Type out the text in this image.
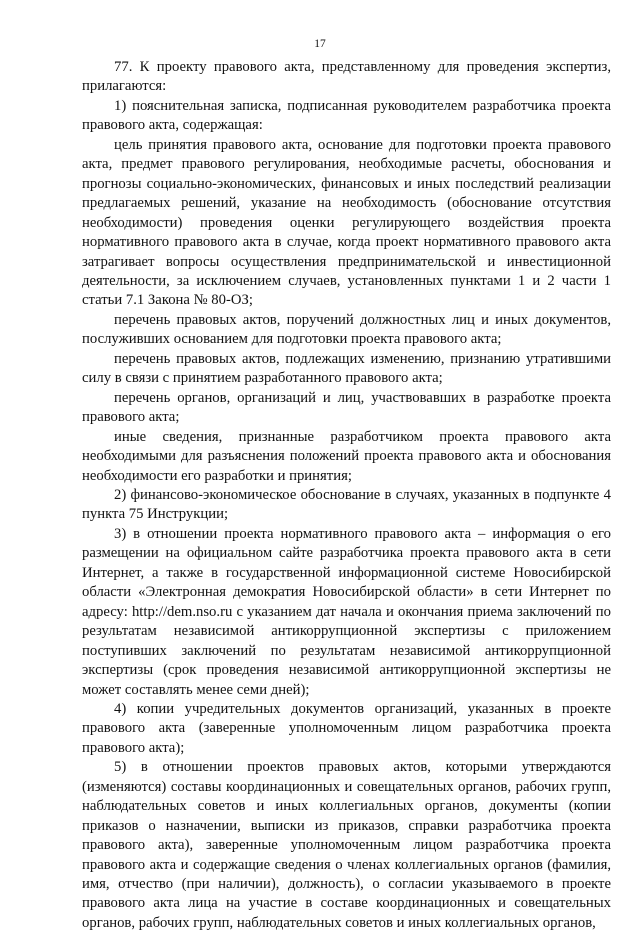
17

77. К проекту правового акта, представленному для проведения экспертиз, прилагаются:

1) пояснительная записка, подписанная руководителем разработчика проекта правового акта, содержащая:

цель принятия правового акта, основание для подготовки проекта правового акта, предмет правового регулирования, необходимые расчеты, обоснования и прогнозы социально-экономических, финансовых и иных последствий реализации предлагаемых решений, указание на необходимость (обоснование отсутствия необходимости) проведения оценки регулирующего воздействия проекта нормативного правового акта в случае, когда проект нормативного правового акта затрагивает вопросы осуществления предпринимательской и инвестиционной деятельности, за исключением случаев, установленных пунктами 1 и 2 части 1 статьи 7.1 Закона № 80-ОЗ;

перечень правовых актов, поручений должностных лиц и иных документов, послуживших основанием для подготовки проекта правового акта;

перечень правовых актов, подлежащих изменению, признанию утратившими силу в связи с принятием разработанного правового акта;

перечень органов, организаций и лиц, участвовавших в разработке проекта правового акта;

иные сведения, признанные разработчиком проекта правового акта необходимыми для разъяснения положений проекта правового акта и обоснования необходимости его разработки и принятия;

2) финансово-экономическое обоснование в случаях, указанных в подпункте 4 пункта 75 Инструкции;

3) в отношении проекта нормативного правового акта – информация о его размещении на официальном сайте разработчика проекта правового акта в сети Интернет, а также в государственной информационной системе Новосибирской области «Электронная демократия Новосибирской области» в сети Интернет по адресу: http://dem.nso.ru с указанием дат начала и окончания приема заключений по результатам независимой антикоррупционной экспертизы с приложением поступивших заключений по результатам независимой антикоррупционной экспертизы (срок проведения независимой антикоррупционной экспертизы не может составлять менее семи дней);

4) копии учредительных документов организаций, указанных в проекте правового акта (заверенные уполномоченным лицом разработчика проекта правового акта);

5) в отношении проектов правовых актов, которыми утверждаются (изменяются) составы координационных и совещательных органов, рабочих групп, наблюдательных советов и иных коллегиальных органов, документы (копии приказов о назначении, выписки из приказов, справки разработчика проекта правового акта), заверенные уполномоченным лицом разработчика проекта правового акта и содержащие сведения о членах коллегиальных органов (фамилия, имя, отчество (при наличии), должность), о согласии указываемого в проекте правового акта лица на участие в составе координационных и совещательных органов, рабочих групп, наблюдательных советов и иных коллегиальных органов,
